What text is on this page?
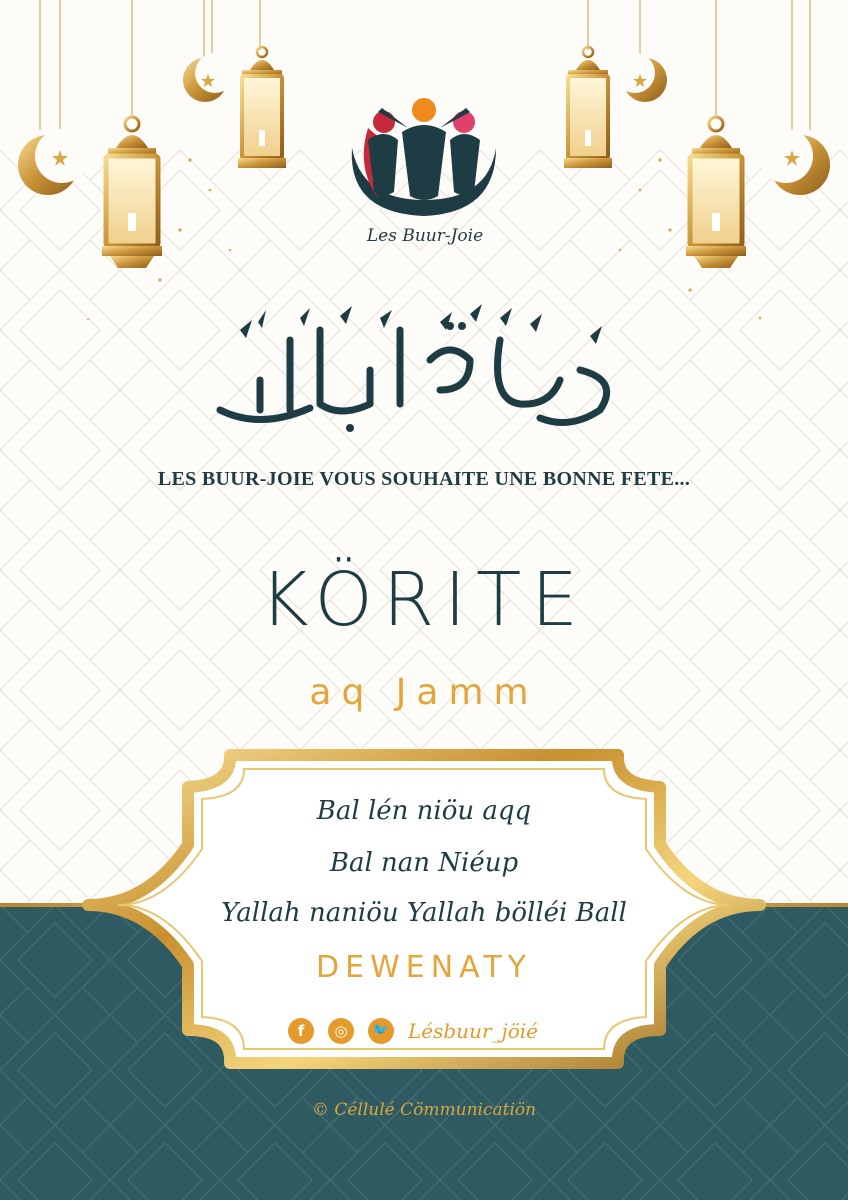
Les Buur-Joie
LES BUUR-JOIE VOUS SOUHAITE UNE BONNE FETE...
KÖRITE
aq Jamm
Bal lén niöu aqq
Bal nan Niéup
Yallah naniöu Yallah bölléi Ball
DEWENATY
f	◎	🐦 Lésbuur_jöié
© Céllulé Cömmunicatiön
